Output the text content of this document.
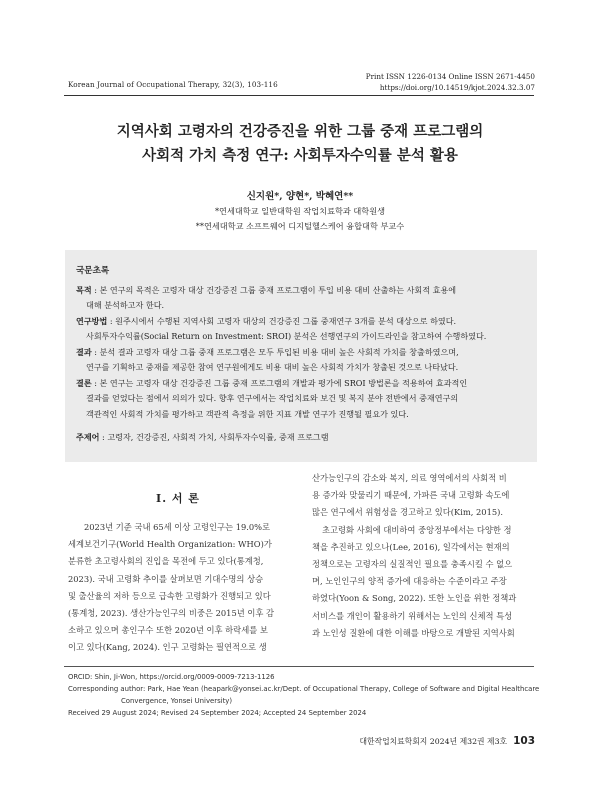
Korean Journal of Occupational Therapy, 32(3), 103-116
Print ISSN 1226-0134 Online ISSN 2671-4450
https://doi.org/10.14519/kjot.2024.32.3.07
지역사회 고령자의 건강증진을 위한 그룹 중재 프로그램의
사회적 가치 측정 연구: 사회투자수익률 분석 활용
신지원*, 양현*, 박혜연**
*연세대학교 일반대학원 작업치료학과 대학원생
**연세대학교 소프트웨어 디지털헬스케어 융합대학 부교수
국문초록
목적 : 본 연구의 목적은 고령자 대상 건강증진 그룹 중재 프로그램이 투입 비용 대비 산출하는 사회적 효용에
대해 분석하고자 한다.
연구방법 : 원주시에서 수행된 지역사회 고령자 대상의 건강증진 그룹 중재연구 3개를 분석 대상으로 하였다.
사회투자수익률(Social Return on Investment: SROI) 분석은 선행연구의 가이드라인을 참고하여 수행하였다.
결과 : 분석 결과 고령자 대상 그룹 중재 프로그램은 모두 투입된 비용 대비 높은 사회적 가치를 창출하였으며,
연구를 기획하고 중재를 제공한 참여 연구원에게도 비용 대비 높은 사회적 가치가 창출된 것으로 나타났다.
결론 : 본 연구는 고령자 대상 건강증진 그룹 중재 프로그램의 개발과 평가에 SROI 방법론을 적용하여 효과적인
결과를 얻었다는 점에서 의의가 있다. 향후 연구에서는 작업치료와 보건 및 복지 분야 전반에서 중재연구의
객관적인 사회적 가치를 평가하고 객관적 측정을 위한 지표 개발 연구가 진행될 필요가 있다.
주제어 : 고령자, 건강증진, 사회적 가치, 사회투자수익률, 중재 프로그램
Ⅰ. 서 론
2023년 기준 국내 65세 이상 고령인구는 19.0%로
세계보건기구(World Health Organization: WHO)가
분류한 초고령사회의 진입을 목전에 두고 있다(통계청,
2023). 국내 고령화 추이를 살펴보면 기대수명의 상승
및 출산율의 저하 등으로 급속한 고령화가 진행되고 있다
(통계청, 2023). 생산가능인구의 비중은 2015년 이후 감
소하고 있으며 총인구수 또한 2020년 이후 하락세를 보
이고 있다(Kang, 2024). 인구 고령화는 필연적으로 생
산가능인구의 감소와 복지, 의료 영역에서의 사회적 비
용 증가와 맞물리기 때문에, 가파른 국내 고령화 속도에
많은 연구에서 위험성을 경고하고 있다(Kim, 2015).
초고령화 사회에 대비하여 중앙정부에서는 다양한 정
책을 추진하고 있으나(Lee, 2016), 일각에서는 현재의
정책으로는 고령자의 실질적인 필요를 충족시킬 수 없으
며, 노인인구의 양적 증가에 대응하는 수준이라고 주장
하였다(Yoon & Song, 2022). 또한 노인을 위한 정책과
서비스를 개인이 활용하기 위해서는 노인의 신체적 특성
과 노인성 질환에 대한 이해를 바탕으로 개발된 지역사회
ORCID: Shin, Ji-Won, https://orcid.org/0009-0009-7213-1126
Corresponding author: Park, Hae Yean (heapark@yonsei.ac.kr/Dept. of Occupational Therapy, College of Software and Digital Healthcare
Convergence, Yonsei University)
Received 29 August 2024; Revised 24 September 2024; Accepted 24 September 2024
대한작업치료학회지 2024년 제32권 제3호 103
